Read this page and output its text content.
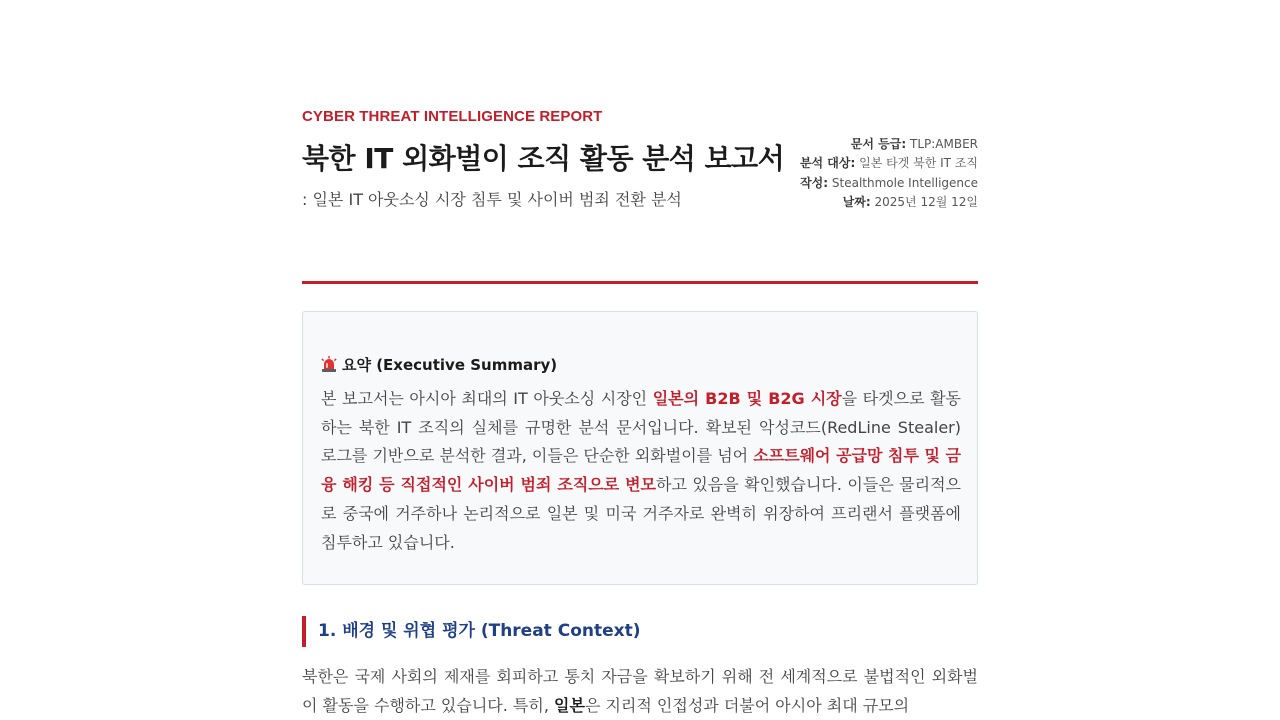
CYBER THREAT INTELLIGENCE REPORT
북한 IT 외화벌이 조직 활동 분석 보고서
: 일본 IT 아웃소싱 시장 침투 및 사이버 범죄 전환 분석
문서 등급: TLP:AMBER
분석 대상: 일본 타겟 북한 IT 조직
작성: Stealthmole Intelligence
날짜: 2025년 12월 12일
요약 (Executive Summary)

본 보고서는 아시아 최대의 IT 아웃소싱 시장인 일본의 B2B 및 B2G 시장을 타겟으로 활동하는 북한 IT 조직의 실체를 규명한 분석 문서입니다. 확보된 악성코드(RedLine Stealer) 로그를 기반으로 분석한 결과, 이들은 단순한 외화벌이를 넘어 소프트웨어 공급망 침투 및 금융 해킹 등 직접적인 사이버 범죄 조직으로 변모하고 있음을 확인했습니다. 이들은 물리적으로 중국에 거주하나 논리적으로 일본 및 미국 거주자로 완벽히 위장하여 프리랜서 플랫폼에 침투하고 있습니다.

1. 배경 및 위협 평가 (Threat Context)

북한은 국제 사회의 제재를 회피하고 통치 자금을 확보하기 위해 전 세계적으로 불법적인 외화벌이 활동을 수행하고 있습니다. 특히, 일본은 지리적 인접성과 더불어 아시아 최대 규모의
